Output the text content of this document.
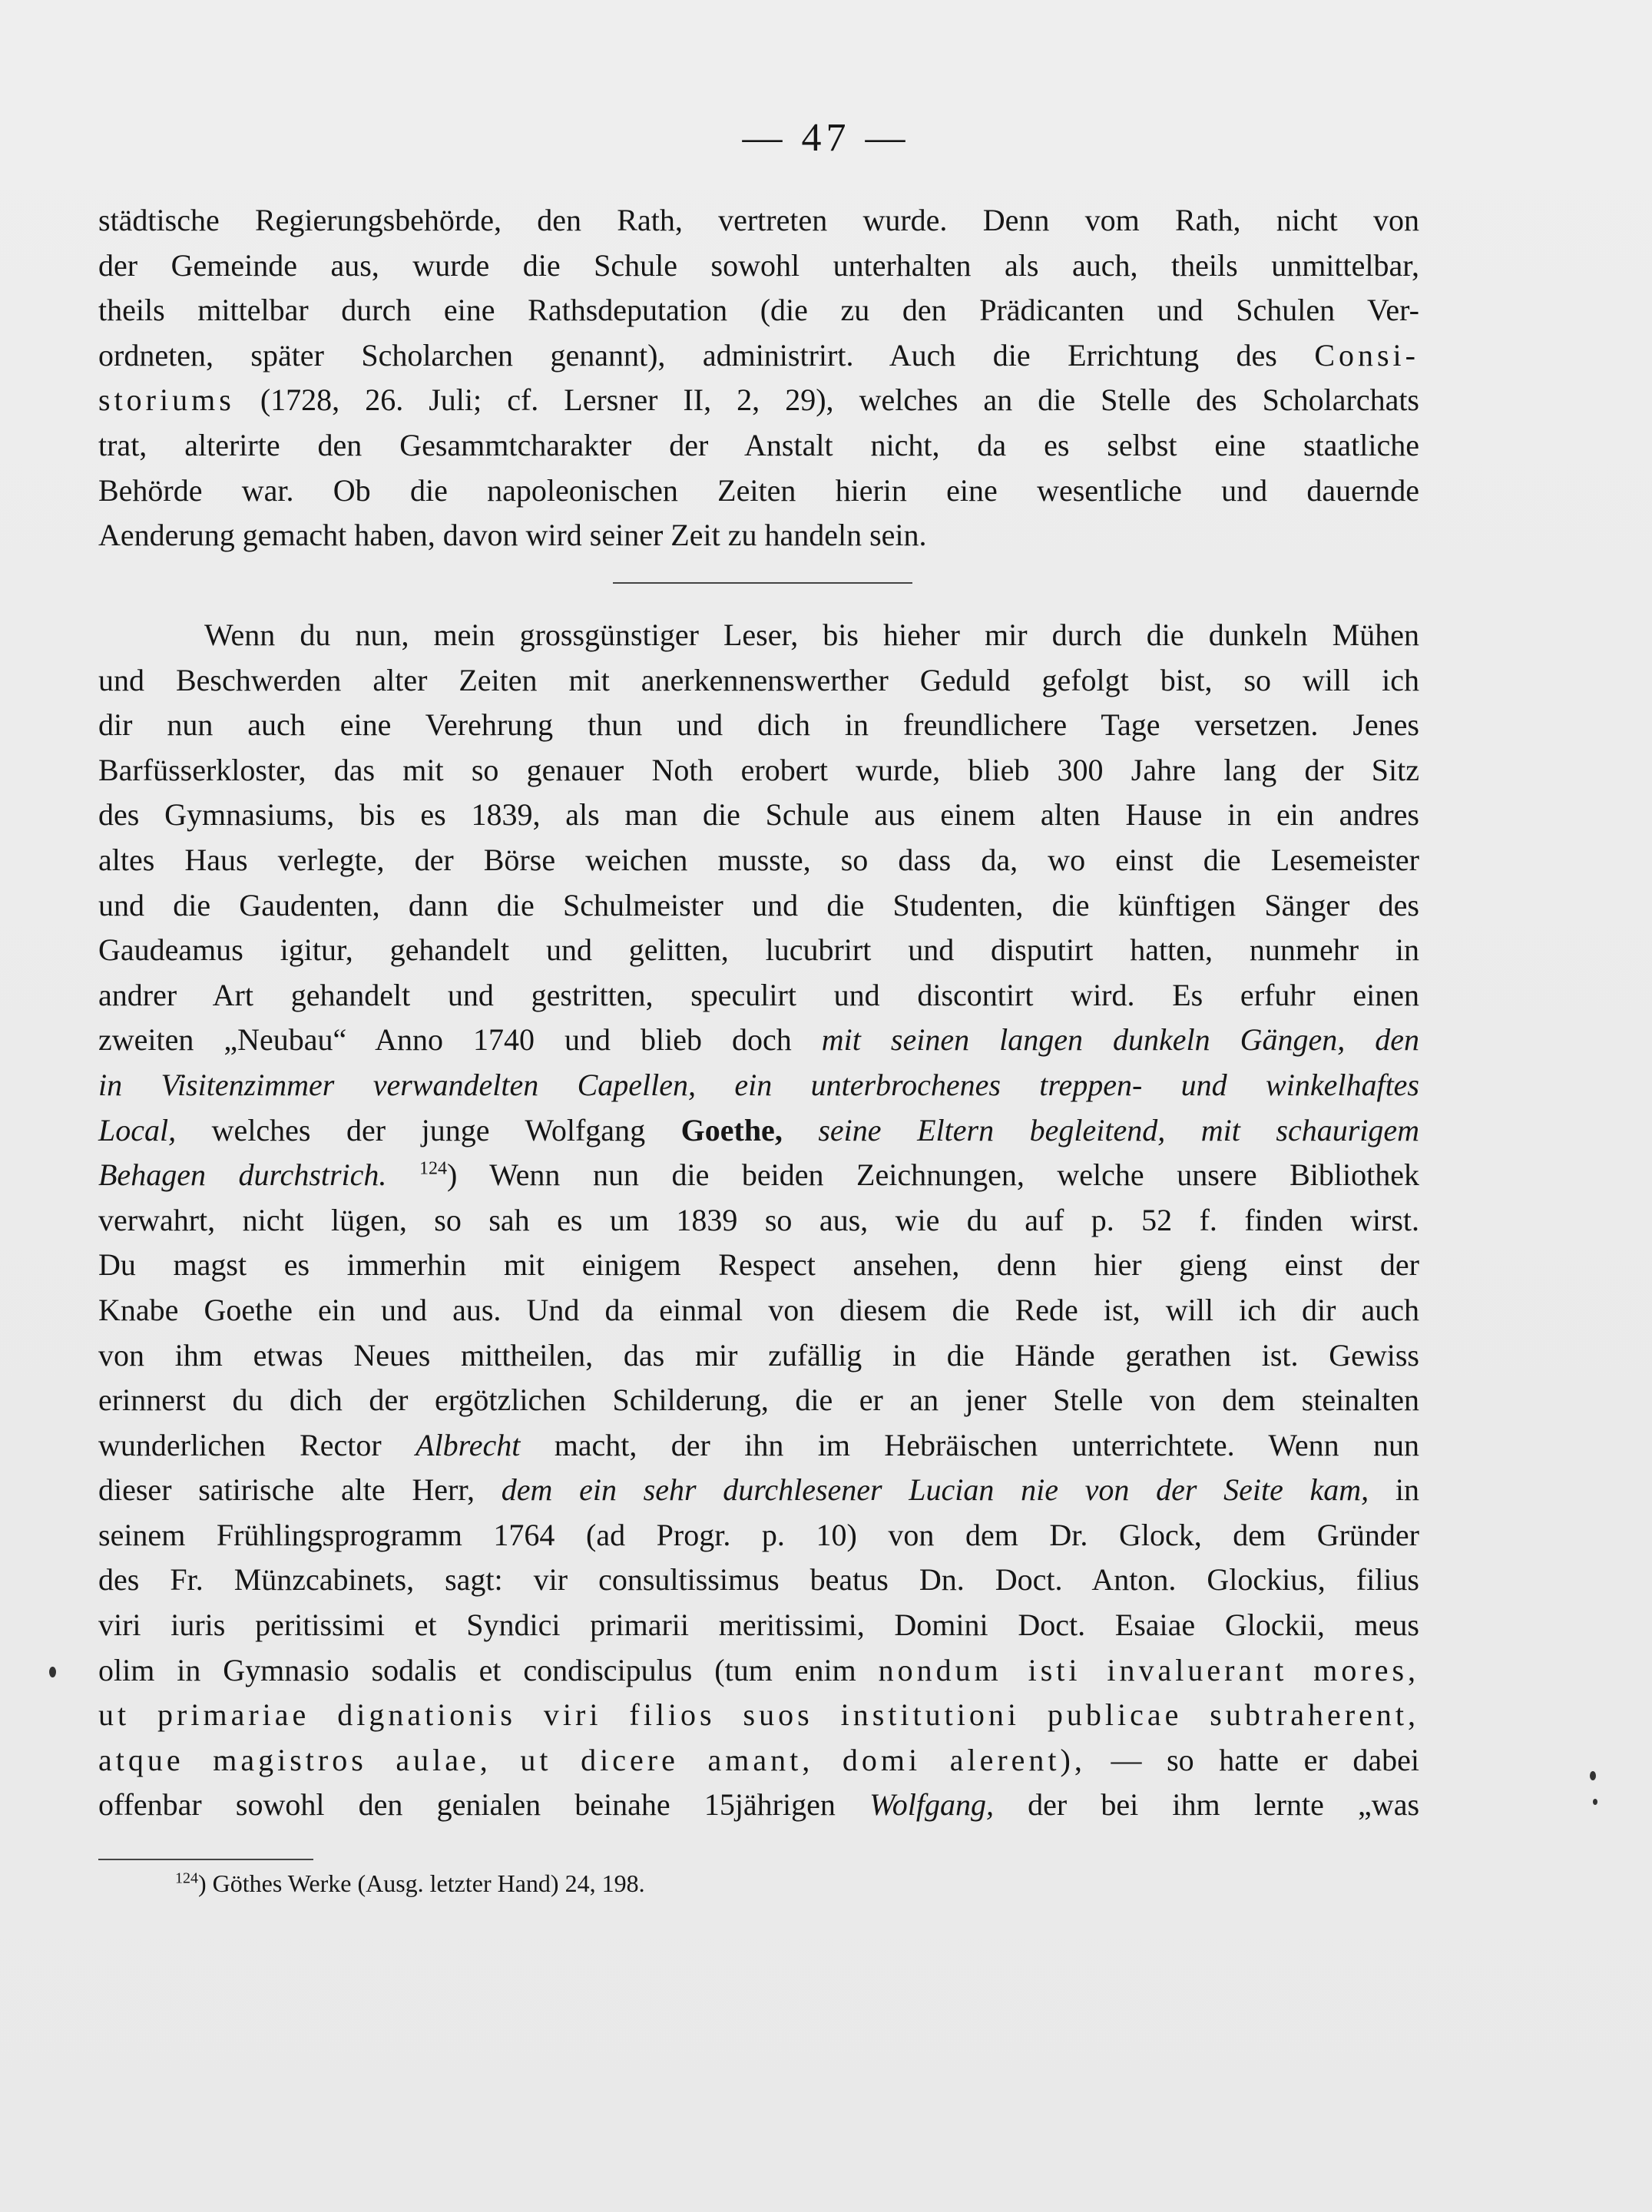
— 47 —
städtische Regierungsbehörde, den Rath, vertreten wurde. Denn vom Rath, nicht von
der Gemeinde aus, wurde die Schule sowohl unterhalten als auch, theils unmittelbar,
theils mittelbar durch eine Rathsdeputation (die zu den Prädicanten und Schulen Ver-
ordneten, später Scholarchen genannt), administrirt. Auch die Errichtung des Consi-
storiums (1728, 26. Juli; cf. Lersner II, 2, 29), welches an die Stelle des Scholarchats
trat, alterirte den Gesammtcharakter der Anstalt nicht, da es selbst eine staatliche
Behörde war. Ob die napoleonischen Zeiten hierin eine wesentliche und dauernde
Aenderung gemacht haben, davon wird seiner Zeit zu handeln sein.
Wenn du nun, mein grossgünstiger Leser, bis hieher mir durch die dunkeln Mühen
und Beschwerden alter Zeiten mit anerkennenswerther Geduld gefolgt bist, so will ich
dir nun auch eine Verehrung thun und dich in freundlichere Tage versetzen. Jenes
Barfüsserkloster, das mit so genauer Noth erobert wurde, blieb 300 Jahre lang der Sitz
des Gymnasiums, bis es 1839, als man die Schule aus einem alten Hause in ein andres
altes Haus verlegte, der Börse weichen musste, so dass da, wo einst die Lesemeister
und die Gaudenten, dann die Schulmeister und die Studenten, die künftigen Sänger des
Gaudeamus igitur, gehandelt und gelitten, lucubrirt und disputirt hatten, nunmehr in
andrer Art gehandelt und gestritten, speculirt und discontirt wird. Es erfuhr einen
zweiten „Neubau“ Anno 1740 und blieb doch mit seinen langen dunkeln Gängen, den
in Visitenzimmer verwandelten Capellen, ein unterbrochenes treppen- und winkelhaftes
Local, welches der junge Wolfgang Goethe, seine Eltern begleitend, mit schaurigem
Behagen durchstrich. $^{124}$) Wenn nun die beiden Zeichnungen, welche unsere Bibliothek
verwahrt, nicht lügen, so sah es um 1839 so aus, wie du auf p. 52 f. finden wirst.
Du magst es immerhin mit einigem Respect ansehen, denn hier gieng einst der
Knabe Goethe ein und aus. Und da einmal von diesem die Rede ist, will ich dir auch
von ihm etwas Neues mittheilen, das mir zufällig in die Hände gerathen ist. Gewiss
erinnerst du dich der ergötzlichen Schilderung, die er an jener Stelle von dem steinalten
wunderlichen Rector Albrecht macht, der ihn im Hebräischen unterrichtete. Wenn nun
dieser satirische alte Herr, dem ein sehr durchlesener Lucian nie von der Seite kam, in
seinem Frühlingsprogramm 1764 (ad Progr. p. 10) von dem Dr. Glock, dem Gründer
des Fr. Münzcabinets, sagt: vir consultissimus beatus Dn. Doct. Anton. Glockius, filius
viri iuris peritissimi et Syndici primarii meritissimi, Domini Doct. Esaiae Glockii, meus
olim in Gymnasio sodalis et condiscipulus (tum enim nondum isti invaluerant mores,
ut primariae dignationis viri filios suos institutioni publicae subtraherent,
atque magistros aulae, ut dicere amant, domi alerent), — so hatte er dabei
offenbar sowohl den genialen beinahe 15jährigen Wolfgang, der bei ihm lernte „was
$^{124}$) Göthes Werke (Ausg. letzter Hand) 24, 198.
